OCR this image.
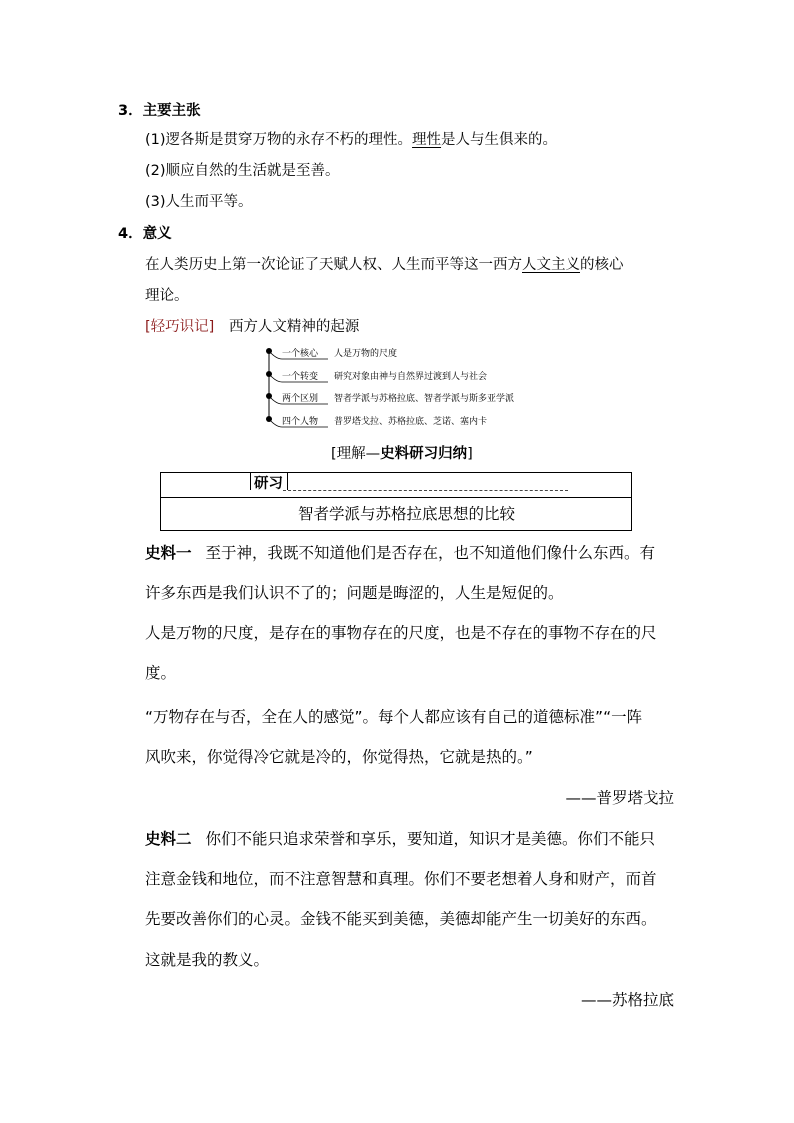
3．主要主张
(1)逻各斯是贯穿万物的永存不朽的理性。理性是人与生俱来的。
(2)顺应自然的生活就是至善。
(3)人生而平等。
4．意义
在人类历史上第一次论证了天赋人权、人生而平等这一西方人文主义的核心
理论。
[轻巧识记] 西方人文精神的起源
一个核心 人是万物的尺度
一个转变 研究对象由神与自然界过渡到人与社会
两个区别 智者学派与苏格拉底、智者学派与斯多亚学派
四个人物 普罗塔戈拉、苏格拉底、芝诺、塞内卡
[理解—史料研习归纳]
研习
智者学派与苏格拉底思想的比较
史料一 至于神，我既不知道他们是否存在，也不知道他们像什么东西。有
许多东西是我们认识不了的；问题是晦涩的，人生是短促的。
人是万物的尺度，是存在的事物存在的尺度，也是不存在的事物不存在的尺
度。
“万物存在与否，全在人的感觉”。每个人都应该有自己的道德标准”“一阵
风吹来，你觉得冷它就是冷的，你觉得热，它就是热的。”
——普罗塔戈拉
史料二 你们不能只追求荣誉和享乐，要知道，知识才是美德。你们不能只
注意金钱和地位，而不注意智慧和真理。你们不要老想着人身和财产，而首
先要改善你们的心灵。金钱不能买到美德，美德却能产生一切美好的东西。
这就是我的教义。
——苏格拉底
